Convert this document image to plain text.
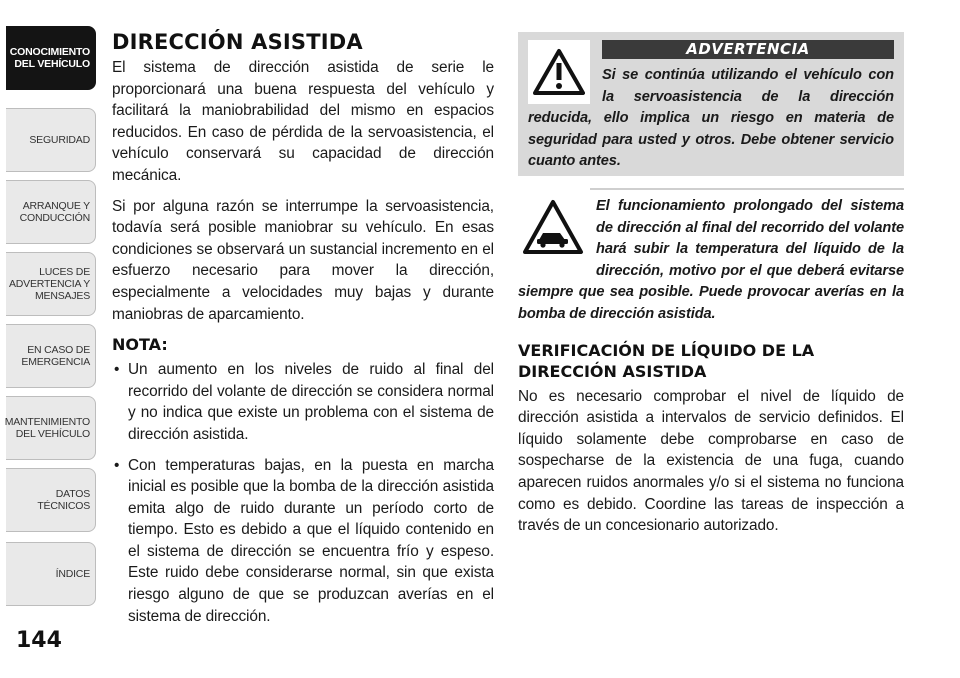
CONOCIMIENTO
DEL VEHÍCULO
SEGURIDAD
ARRANQUE Y
CONDUCCIÓN
LUCES DE
ADVERTENCIA Y
MENSAJES
EN CASO DE
EMERGENCIA
MANTENIMIENTO
DEL VEHÍCULO
DATOS
TÉCNICOS
ÍNDICE
144
DIRECCIÓN ASISTIDA

El sistema de dirección asistida de serie le proporcionará una buena respuesta del vehículo y facilitará la maniobrabilidad del mismo en espacios reducidos. En caso de pérdida de la servoasistencia, el vehículo conservará su capacidad de dirección mecánica.

Si por alguna razón se interrumpe la servoasistencia, todavía será posible maniobrar su vehículo. En esas condiciones se observará un sustancial incremento en el esfuerzo necesario para mover la dirección, especialmente a velocidades muy bajas y durante maniobras de aparcamiento.

NOTA:
• Un aumento en los niveles de ruido al final del recorrido del volante de dirección se considera normal y no indica que existe un problema con el sistema de dirección asistida.
• Con temperaturas bajas, en la puesta en marcha inicial es posible que la bomba de la dirección asistida emita algo de ruido durante un período corto de tiempo. Esto es debido a que el líquido contenido en el sistema de dirección se encuentra frío y espeso. Este ruido debe considerarse normal, sin que exista riesgo alguno de que se produzcan averías en el sistema de dirección.
ADVERTENCIA

Si se continúa utilizando el vehículo con la servoasistencia de la dirección reducida, ello implica un riesgo en materia de seguridad para usted y otros. Debe obtener servicio cuanto antes.

El funcionamiento prolongado del sistema de dirección al final del recorrido del volante hará subir la temperatura del líquido de la dirección, motivo por el que deberá evitarse siempre que sea posible. Puede provocar averías en la bomba de dirección asistida.

VERIFICACIÓN DE LÍQUIDO DE LA DIRECCIÓN ASISTIDA

No es necesario comprobar el nivel de líquido de dirección asistida a intervalos de servicio definidos. El líquido solamente debe comprobarse en caso de sospecharse de la existencia de una fuga, cuando aparecen ruidos anormales y/o si el sistema no funciona como es debido. Coordine las tareas de inspección a través de un concesionario autorizado.
